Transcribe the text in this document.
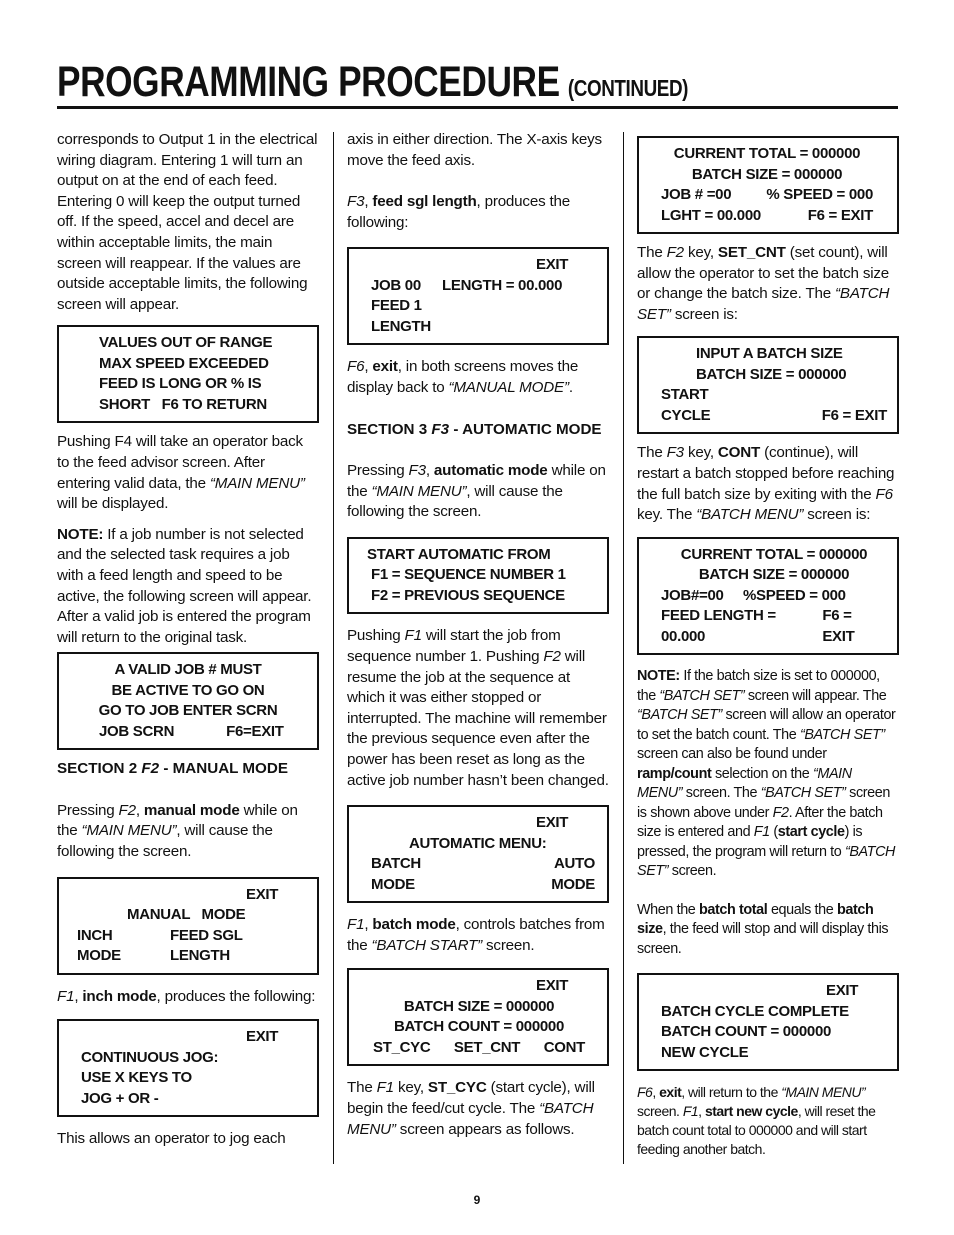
PROGRAMMING PROCEDURE (CONTINUED)

corresponds to Output 1 in the electrical wiring diagram. Entering 1 will turn an output on at the end of each feed. Entering 0 will keep the output turned off. If the speed, accel and decel are within acceptable limits, the main screen will reappear. If the values are outside acceptable limits, the following screen will appear.

VALUES OUT OF RANGE
MAX SPEED EXCEEDED
FEED IS LONG OR % IS
SHORT   F6 TO RETURN

Pushing F4 will take an operator back to the feed advisor screen. After entering valid data, the “MAIN MENU” will be displayed.

NOTE: If a job number is not selected and the selected task requires a job with a feed length and speed to be active, the following screen will appear. After a valid job is entered the program will return to the original task.

A VALID JOB # MUST
BE ACTIVE TO GO ON
GO TO JOB ENTER SCRN
JOB SCRN	F6=EXIT
SECTION 2 F2 - MANUAL MODE

Pressing F2, manual mode while on the “MAIN MENU”, will cause the following the screen.

EXIT
MANUAL   MODE
INCH	FEED SGL
MODE	LENGTH

F1, inch mode, produces the following:

EXIT
CONTINUOUS JOG:
USE X KEYS TO
JOG + OR -

This allows an operator to jog each

axis in either direction. The X-axis keys move the feed axis.

F3, feed sgl length, produces the following:

EXIT
JOB 00 LENGTH = 00.000
FEED 1
LENGTH

F6, exit, in both screens moves the display back to “MANUAL MODE”.

SECTION 3 F3 - AUTOMATIC MODE

Pressing F3, automatic mode while on the “MAIN MENU”, will cause the following the screen.

START AUTOMATIC FROM
F1 = SEQUENCE NUMBER 1
F2 = PREVIOUS SEQUENCE

Pushing F1 will start the job from sequence number 1. Pushing F2 will resume the job at the sequence at which it was either stopped or interrupted. The machine will remember the previous sequence even after the power has been reset as long as the active job number hasn’t been changed.

EXIT
AUTOMATIC MENU:
BATCH	AUTO
MODE	MODE

F1, batch mode, controls batches from the “BATCH START” screen.

EXIT
BATCH SIZE = 000000
BATCH COUNT = 000000
ST_CYC SET_CNT CONT

The F1 key, ST_CYC (start cycle), will begin the feed/cut cycle. The “BATCH MENU” screen appears as follows.

CURRENT TOTAL = 000000
BATCH SIZE = 000000
JOB # =00 % SPEED = 000
LGHT = 00.000	F6 = EXIT

The F2 key, SET_CNT (set count), will allow the operator to set the batch size or change the batch size. The “BATCH SET” screen is:

INPUT A BATCH SIZE
BATCH SIZE = 000000
START
CYCLE	F6 = EXIT

The F3 key, CONT (continue), will restart a batch stopped before reaching the full batch size by exiting with the F6 key. The “BATCH MENU” screen is:

CURRENT TOTAL = 000000
BATCH SIZE = 000000
JOB#=00 %SPEED = 000
FEED LENGTH = 00.000
F6 = EXIT

NOTE: If the batch size is set to 000000, the “BATCH SET” screen will appear. The “BATCH SET” screen will allow an operator to set the batch count. The “BATCH SET” screen can also be found under ramp/count selection on the “MAIN MENU” screen. The “BATCH SET” screen is shown above under F2. After the batch size is entered and F1 (start cycle) is pressed, the program will return to “BATCH SET” screen.

When the batch total equals the batch size, the feed will stop and will display this screen.

EXIT
BATCH CYCLE COMPLETE
BATCH COUNT = 000000
NEW CYCLE

F6, exit, will return to the “MAIN MENU” screen. F1, start new cycle, will reset the batch count total to 000000 and will start feeding another batch.

9
